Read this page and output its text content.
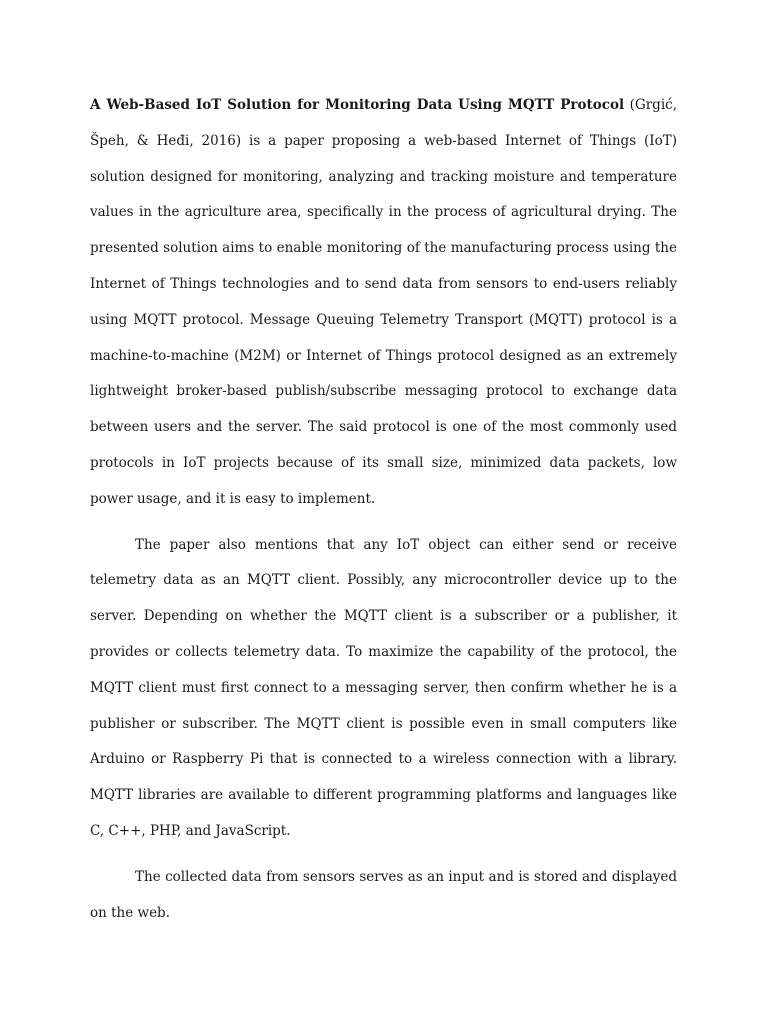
A Web-Based IoT Solution for Monitoring Data Using MQTT Protocol (Grgić, Špeh, & Heđi, 2016) is a paper proposing a web-based Internet of Things (IoT) solution designed for monitoring, analyzing and tracking moisture and temperature values in the agriculture area, specifically in the process of agricultural drying. The presented solution aims to enable monitoring of the manufacturing process using the Internet of Things technologies and to send data from sensors to end-users reliably using MQTT protocol. Message Queuing Telemetry Transport (MQTT) protocol is a machine-to-machine (M2M) or Internet of Things protocol designed as an extremely lightweight broker-based publish/subscribe messaging protocol to exchange data between users and the server. The said protocol is one of the most commonly used protocols in IoT projects because of its small size, minimized data packets, low power usage, and it is easy to implement.

The paper also mentions that any IoT object can either send or receive telemetry data as an MQTT client. Possibly, any microcontroller device up to the server. Depending on whether the MQTT client is a subscriber or a publisher, it provides or collects telemetry data. To maximize the capability of the protocol, the MQTT client must first connect to a messaging server, then confirm whether he is a publisher or subscriber. The MQTT client is possible even in small computers like Arduino or Raspberry Pi that is connected to a wireless connection with a library. MQTT libraries are available to different programming platforms and languages like C, C++, PHP, and JavaScript.

The collected data from sensors serves as an input and is stored and displayed on the web.
